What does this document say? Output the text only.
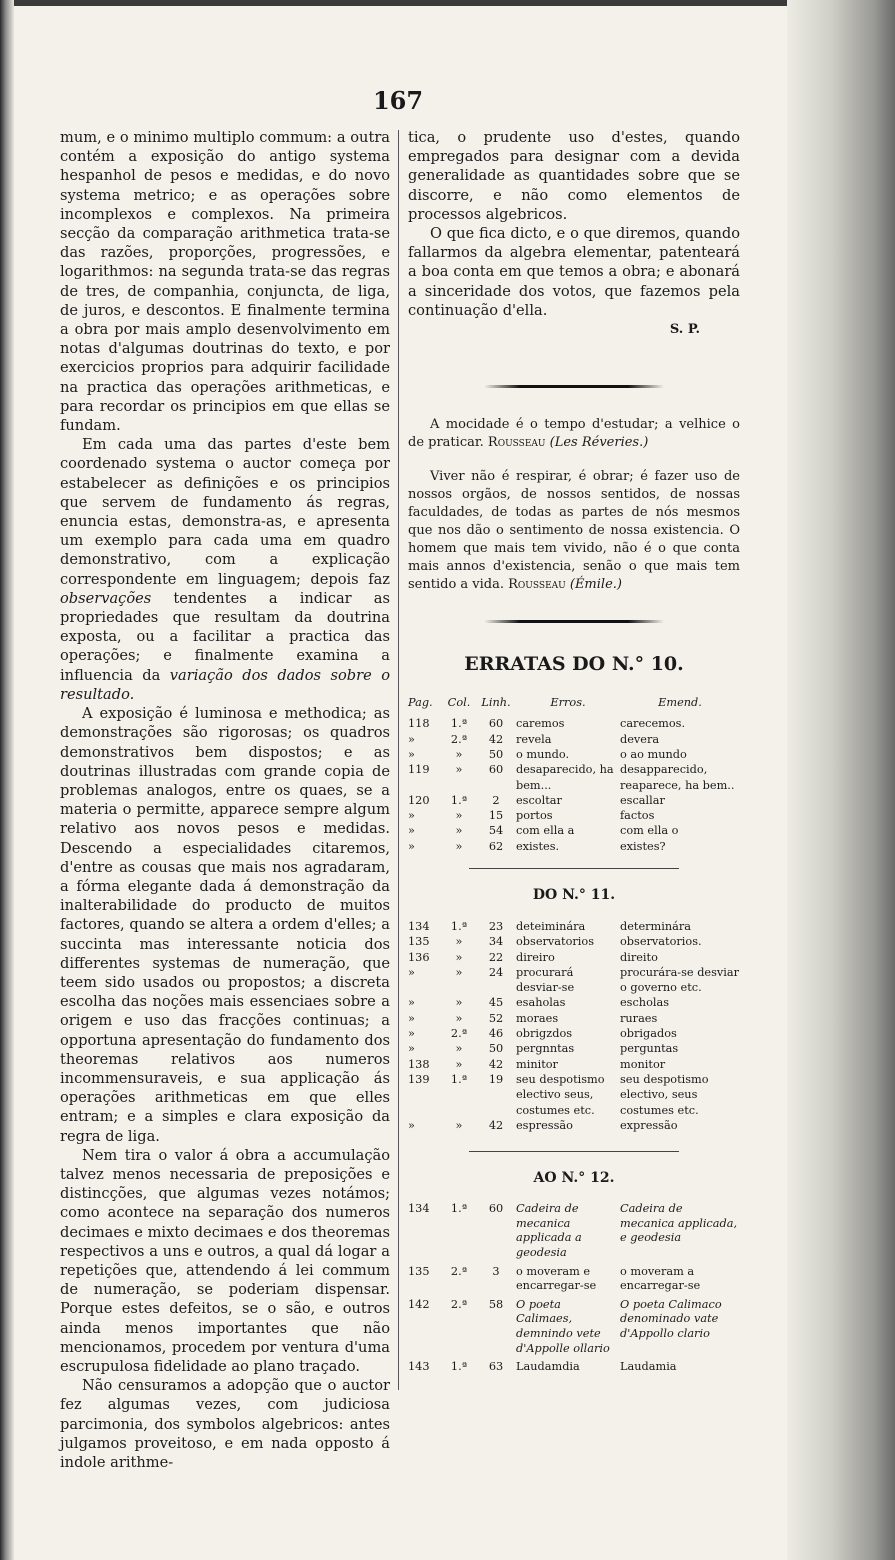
167

mum, e o minimo multiplo commum: a outra contém a exposição do antigo systema hespanhol de pesos e medidas, e do novo systema metrico; e as operações sobre incomplexos e complexos. Na primeira secção da comparação arithmetica trata-se das razões, proporções, progressões, e logarithmos: na segunda trata-se das regras de tres, de companhia, conjuncta, de liga, de juros, e descontos. E finalmente termina a obra por mais amplo desenvolvimento em notas d'algumas doutrinas do texto, e por exercicios proprios para adquirir facilidade na practica das operações arithmeticas, e para recordar os principios em que ellas se fundam.

Em cada uma das partes d'este bem coordenado systema o auctor começa por estabelecer as definições e os principios que servem de fundamento ás regras, enuncia estas, demonstra-as, e apresenta um exemplo para cada uma em quadro demonstrativo, com a explicação correspondente em linguagem; depois faz observações tendentes a indicar as propriedades que resultam da doutrina exposta, ou a facilitar a practica das operações; e finalmente examina a influencia da variação dos dados sobre o resultado.

A exposição é luminosa e methodica; as demonstrações são rigorosas; os quadros demonstrativos bem dispostos; e as doutrinas illustradas com grande copia de problemas analogos, entre os quaes, se a materia o permitte, apparece sempre algum relativo aos novos pesos e medidas. Descendo a especialidades citaremos, d'entre as cousas que mais nos agradaram, a fórma elegante dada á demonstração da inalterabilidade do producto de muitos factores, quando se altera a ordem d'elles; a succinta mas interessante noticia dos differentes systemas de numeração, que teem sido usados ou propostos; a discreta escolha das noções mais essenciaes sobre a origem e uso das fracções continuas; a opportuna apresentação do fundamento dos theoremas relativos aos numeros incommensuraveis, e sua applicação ás operações arithmeticas em que elles entram; e a simples e clara exposição da regra de liga.

Nem tira o valor á obra a accumulação talvez menos necessaria de preposições e distincções, que algumas vezes notámos; como acontece na separação dos numeros decimaes e mixto decimaes e dos theoremas respectivos a uns e outros, a qual dá logar a repetições que, attendendo á lei commum de numeração, se poderiam dispensar. Porque estes defeitos, se o são, e outros ainda menos importantes que não mencionamos, procedem por ventura d'uma escrupulosa fidelidade ao plano traçado.

Não censuramos a adopção que o auctor fez algumas vezes, com judiciosa parcimonia, dos symbolos algebricos: antes julgamos proveitoso, e em nada opposto á indole arithme-

tica, o prudente uso d'estes, quando empregados para designar com a devida generalidade as quantidades sobre que se discorre, e não como elementos de processos algebricos.

O que fica dicto, e o que diremos, quando fallarmos da algebra elementar, patenteará a boa conta em que temos a obra; e abonará a sinceridade dos votos, que fazemos pela continuação d'ella.

S. P.

A mocidade é o tempo d'estudar; a velhice o de praticar. Rousseau (Les Réveries.)

Viver não é respirar, é obrar; é fazer uso de nossos orgãos, de nossos sentidos, de nossas faculdades, de todas as partes de nós mesmos que nos dão o sentimento de nossa existencia. O homem que mais tem vivido, não é o que conta mais annos d'existencia, senão o que mais tem sentido a vida. Rousseau (Émile.)

ERRATAS DO N.° 10.
Pag.	Col.	Linh.	Erros.	Emend.
118	1.ª	60	caremos	carecemos.
»	2.ª	42	revela	devera
»	»	50	o mundo.	o ao mundo
119	»	60	desaparecido, ha bem...	desapparecido, reaparece, ha bem..
120	1.ª	2	escoltar	escallar
»	»	15	portos	factos
»	»	54	com ella a	com ella o
»	»	62	existes.	existes?
DO N.° 11.
134	1.ª	23	deteiminára	determinára
135	»	34	observatorios	observatorios.
136	»	22	direiro	direito
»	»	24	procurará desviar-se	procurára-se desviar o governo etc.
»	»	45	esaholas	escholas
»	»	52	moraes	ruraes
»	2.ª	46	obrigzdos	obrigados
»	»	50	pergnntas	perguntas
138	»	42	minitor	monitor
139	1.ª	19	seu despotismo electivo seus, costumes etc.	seu despotismo electivo, seus costumes etc.
»	»	42	espressão	expressão
AO N.° 12.
134	1.ª	60	Cadeira de mecanica applicada a geodesia	Cadeira de mecanica applicada, e geodesia
135	2.ª	3	o moveram e encarregar-se	o moveram a encarregar-se
142	2.ª	58	O poeta Calimaes, demnindo vete d'Appolle ollario	O poeta Calimaco denominado vate d'Appollo clario
143	1.ª	63	Laudamdia	Laudamia
